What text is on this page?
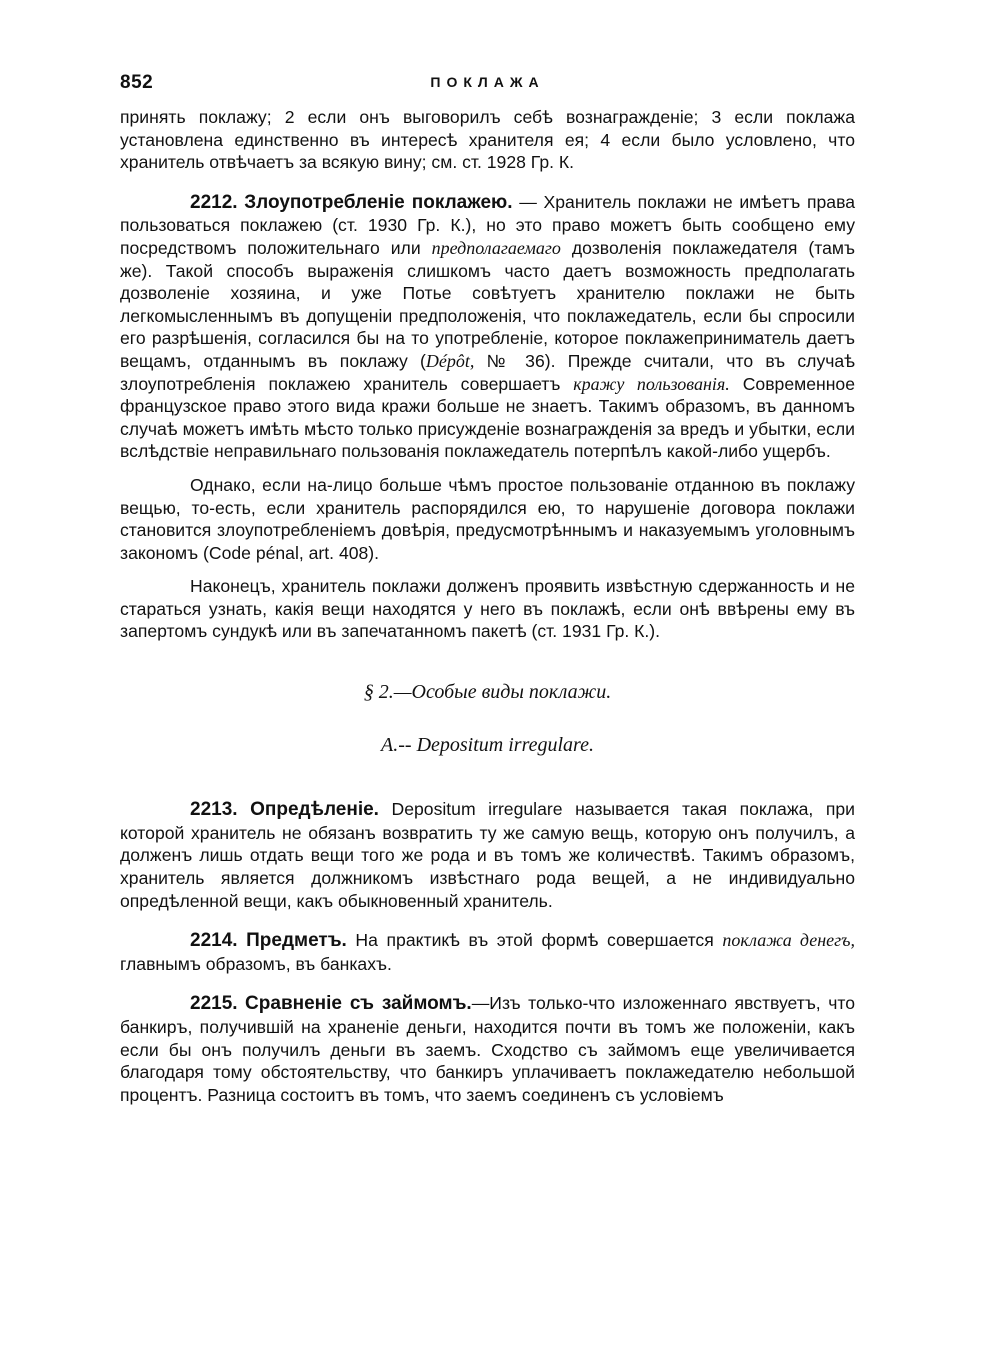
852	ПОКЛАЖА

принять поклажу; 2 если онъ выговорилъ себѣ вознагражденіе; 3 если поклажа установлена единственно въ интересѣ хранителя ея; 4 если было условлено, что хранитель отвѣчаетъ за всякую вину; см. ст. 1928 Гр. К.

2212. Злоупотребленіе поклажею. — Хранитель поклажи не имѣетъ права пользоваться поклажею (ст. 1930 Гр. К.), но это право можетъ быть сообщено ему посредствомъ положительнаго или предполагаемаго дозволенія поклажедателя (тамъ же). Такой способъ выраженія слишкомъ часто даетъ возможность предполагать дозволеніе хозяина, и уже Потье совѣтуетъ хранителю поклажи не быть легкомысленнымъ въ допущеніи предположенія, что поклажедатель, если бы спросили его разрѣшенія, согласился бы на то употребленіе, которое поклажеприниматель даетъ вещамъ, отданнымъ въ поклажу (Dépôt, № 36). Прежде считали, что въ случаѣ злоупотребленія поклажею хранитель совершаетъ кражу пользованія. Современное французское право этого вида кражи больше не знаетъ. Такимъ образомъ, въ данномъ случаѣ можетъ имѣть мѣсто только присужденіе вознагражденія за вредъ и убытки, если вслѣдствіе неправильнаго пользованія поклажедатель потерпѣлъ какой-либо ущербъ.

Однако, если на-лицо больше чѣмъ простое пользованіе отданною въ поклажу вещью, то-есть, если хранитель распорядился ею, то нарушеніе договора поклажи становится злоупотребленіемъ довѣрія, предусмотрѣннымъ и наказуемымъ уголовнымъ закономъ (Code pénal, art. 408).

Наконецъ, хранитель поклажи долженъ проявить извѣстную сдержанность и не стараться узнать, какія вещи находятся у него въ поклажѣ, если онѣ ввѣрены ему въ запертомъ сундукѣ или въ запечатанномъ пакетѣ (ст. 1931 Гр. К.).

§ 2.—Особые виды поклажи.
А.-- Depositum irregulare.

2213. Опредѣленіе. Depositum irregulare называется такая поклажа, при которой хранитель не обязанъ возвратить ту же самую вещь, которую онъ получилъ, а долженъ лишь отдать вещи того же рода и въ томъ же количествѣ. Такимъ образомъ, хранитель является должникомъ извѣстнаго рода вещей, а не индивидуально опредѣленной вещи, какъ обыкновенный хранитель.

2214. Предметъ. На практикѣ въ этой формѣ совершается поклажа денегъ, главнымъ образомъ, въ банкахъ.

2215. Сравненіе съ займомъ.—Изъ только-что изложеннаго явствуетъ, что банкиръ, получившій на храненіе деньги, находится почти въ томъ же положеніи, какъ если бы онъ получилъ деньги въ заемъ. Сходство съ займомъ еще увеличивается благодаря тому обстоятельству, что банкиръ уплачиваетъ поклажедателю небольшой процентъ. Разница состоитъ въ томъ, что заемъ соединенъ съ условіемъ
